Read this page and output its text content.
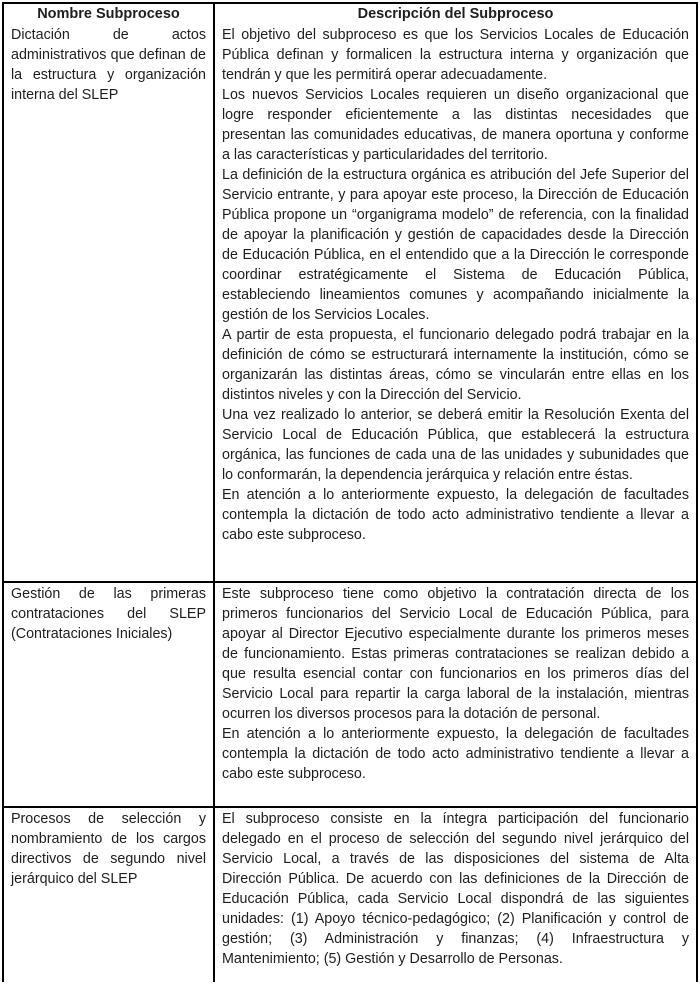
Nombre Subproceso	Descripción del Subproceso

Dictación de actos administrativos que definan de la estructura y organización interna del SLEP

El objetivo del subproceso es que los Servicios Locales de Educación Pública definan y formalicen la estructura interna y organización que tendrán y que les permitirá operar adecuadamente.

Los nuevos Servicios Locales requieren un diseño organizacional que logre responder eficientemente a las distintas necesidades que presentan las comunidades educativas, de manera oportuna y conforme a las características y particularidades del territorio.

La definición de la estructura orgánica es atribución del Jefe Superior del Servicio entrante, y para apoyar este proceso, la Dirección de Educación Pública propone un “organigrama modelo” de referencia, con la finalidad de apoyar la planificación y gestión de capacidades desde la Dirección de Educación Pública, en el entendido que a la Dirección le corresponde coordinar estratégicamente el Sistema de Educación Pública, estableciendo lineamientos comunes y acompañando inicialmente la gestión de los Servicios Locales.

A partir de esta propuesta, el funcionario delegado podrá trabajar en la definición de cómo se estructurará internamente la institución, cómo se organizarán las distintas áreas, cómo se vincularán entre ellas en los distintos niveles y con la Dirección del Servicio.

Una vez realizado lo anterior, se deberá emitir la Resolución Exenta del Servicio Local de Educación Pública, que establecerá la estructura orgánica, las funciones de cada una de las unidades y subunidades que lo conformarán, la dependencia jerárquica y relación entre éstas.

En atención a lo anteriormente expuesto, la delegación de facultades contempla la dictación de todo acto administrativo tendiente a llevar a cabo este subproceso.

Gestión de las primeras contrataciones del SLEP (Contrataciones Iniciales)

Este subproceso tiene como objetivo la contratación directa de los primeros funcionarios del Servicio Local de Educación Pública, para apoyar al Director Ejecutivo especialmente durante los primeros meses de funcionamiento. Estas primeras contrataciones se realizan debido a que resulta esencial contar con funcionarios en los primeros días del Servicio Local para repartir la carga laboral de la instalación, mientras ocurren los diversos procesos para la dotación de personal.

En atención a lo anteriormente expuesto, la delegación de facultades contempla la dictación de todo acto administrativo tendiente a llevar a cabo este subproceso.

Procesos de selección y nombramiento de los cargos directivos de segundo nivel jerárquico del SLEP

El subproceso consiste en la íntegra participación del funcionario delegado en el proceso de selección del segundo nivel jerárquico del Servicio Local, a través de las disposiciones del sistema de Alta Dirección Pública. De acuerdo con las definiciones de la Dirección de Educación Pública, cada Servicio Local dispondrá de las siguientes unidades: (1) Apoyo técnico-pedagógico; (2) Planificación y control de gestión; (3) Administración y finanzas; (4) Infraestructura y Mantenimiento; (5) Gestión y Desarrollo de Personas.
